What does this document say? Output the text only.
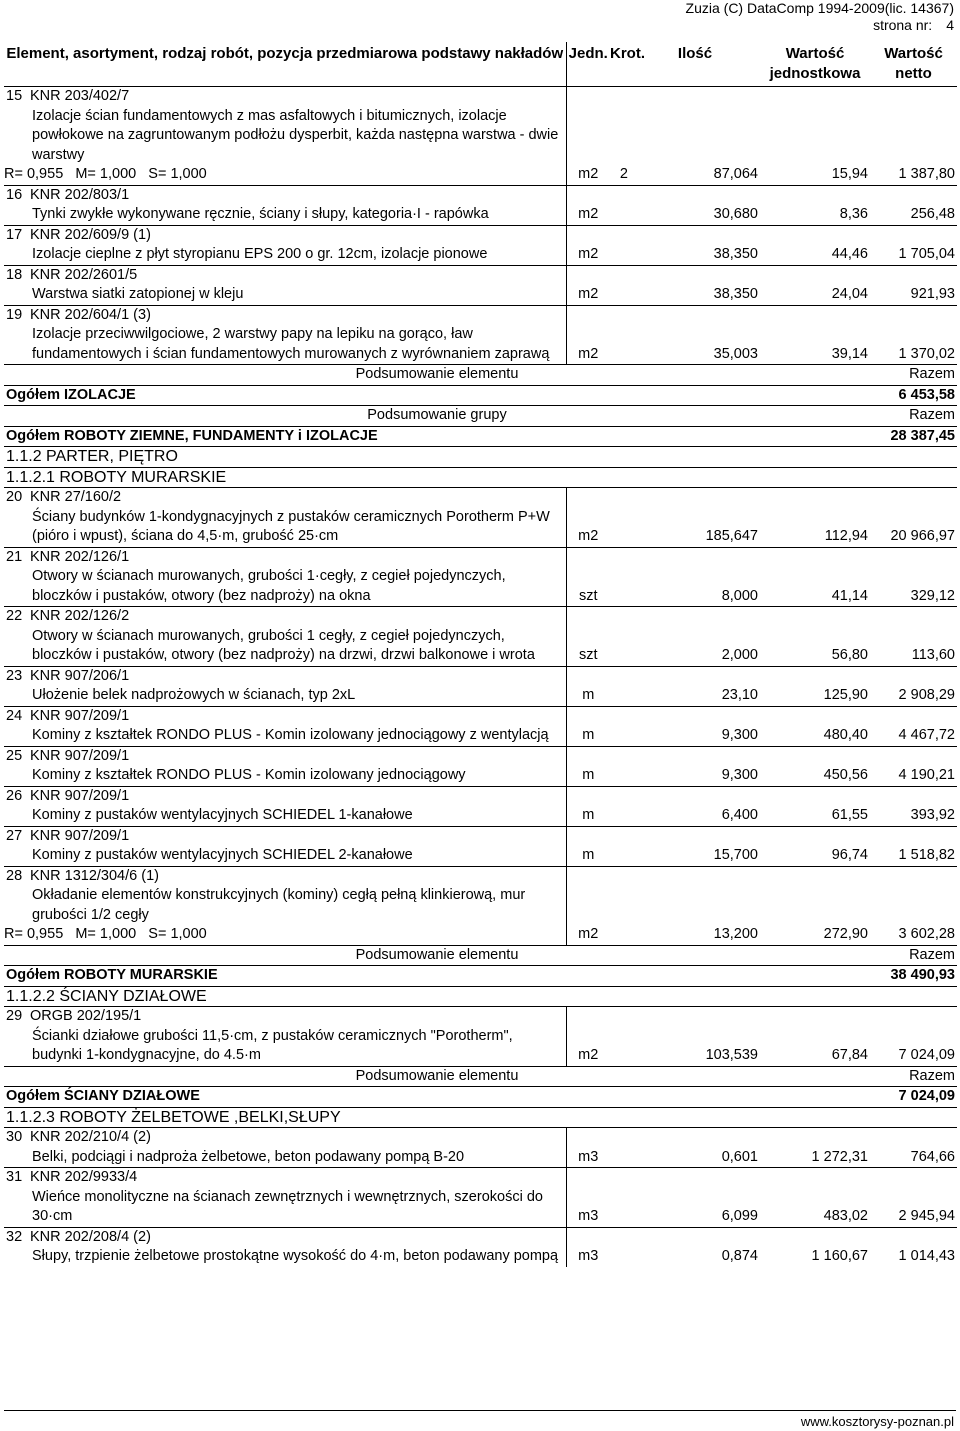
Zuzia (C) DataComp 1994-2009(lic. 14367)
strona nr: 4
Element, asortyment, rodzaj robót, pozycja przedmiarowa podstawy nakładów	Jedn.	Krot.	Ilość	Wartość jednostkowa	Wartość netto
15 KNR 203/402/7					

Izolacje ścian fundamentowych z mas asfaltowych i bitumicznych, izolacje powłokowe na zagruntowanym podłożu dysperbit, każda następna warstwa - dwie warstwy
R= 0,955   M= 1,000   S= 1,000	m2	2	87,064	15,94	1 387,80
16 KNR 202/803/1					

Tynki zwykłe wykonywane ręcznie, ściany i słupy, kategoria·I - rapówka	m2		30,680	8,36	256,48
17 KNR 202/609/9 (1)					

Izolacje cieplne z płyt styropianu EPS 200 o gr. 12cm, izolacje pionowe	m2		38,350	44,46	1 705,04
18 KNR 202/2601/5					

Warstwa siatki zatopionej w kleju	m2		38,350	24,04	921,93
19 KNR 202/604/1 (3)					

Izolacje przeciwwilgociowe, 2 warstwy papy na lepiku na gorąco, ław fundamentowych i ścian fundamentowych murowanych z wyrównaniem zaprawą	m2		35,003	39,14	1 370,02
Podsumowanie elementu					Razem
Ogółem IZOLACJE					6 453,58
Podsumowanie grupy					Razem
Ogółem ROBOTY ZIEMNE, FUNDAMENTY i IZOLACJE					28 387,45
1.1.2 PARTER, PIĘTRO					
1.1.2.1 ROBOTY MURARSKIE					
20 KNR 27/160/2					

Ściany budynków 1-kondygnacyjnych z pustaków ceramicznych Porotherm P+W (pióro i wpust), ściana do 4,5·m, grubość 25·cm	m2		185,647	112,94	20 966,97
21 KNR 202/126/1					

Otwory w ścianach murowanych, grubości 1·cegły, z cegieł pojedynczych, bloczków i pustaków, otwory (bez nadproży) na okna	szt		8,000	41,14	329,12
22 KNR 202/126/2					

Otwory w ścianach murowanych, grubości 1 cegły, z cegieł pojedynczych, bloczków i pustaków, otwory (bez nadproży) na drzwi, drzwi balkonowe i wrota	szt		2,000	56,80	113,60
23 KNR 907/206/1					

Ułożenie belek nadprożowych w ścianach, typ 2xL	m		23,10	125,90	2 908,29
24 KNR 907/209/1					

Kominy z kształtek RONDO PLUS - Komin izolowany jednociągowy z wentylacją	m		9,300	480,40	4 467,72
25 KNR 907/209/1					

Kominy z kształtek RONDO PLUS - Komin izolowany jednociągowy	m		9,300	450,56	4 190,21
26 KNR 907/209/1					

Kominy z pustaków wentylacyjnych SCHIEDEL 1-kanałowe	m		6,400	61,55	393,92
27 KNR 907/209/1					

Kominy z pustaków wentylacyjnych SCHIEDEL 2-kanałowe	m		15,700	96,74	1 518,82
28 KNR 1312/304/6 (1)					

Okładanie elementów konstrukcyjnych (kominy) cegłą pełną klinkierową, mur grubości 1/2 cegły
R= 0,955   M= 1,000   S= 1,000	m2		13,200	272,90	3 602,28
Podsumowanie elementu					Razem
Ogółem ROBOTY MURARSKIE					38 490,93
1.1.2.2 ŚCIANY DZIAŁOWE					
29 ORGB 202/195/1					

Ścianki działowe grubości 11,5·cm, z pustaków ceramicznych "Porotherm", budynki 1-kondygnacyjne, do 4.5·m	m2		103,539	67,84	7 024,09
Podsumowanie elementu					Razem
Ogółem ŚCIANY DZIAŁOWE					7 024,09
1.1.2.3 ROBOTY ŻELBETOWE ,BELKI,SŁUPY					
30 KNR 202/210/4 (2)					

Belki, podciągi i nadproża żelbetowe, beton podawany pompą B-20	m3		0,601	1 272,31	764,66
31 KNR 202/9933/4					

Wieńce monolityczne na ścianach zewnętrznych i wewnętrznych, szerokości do 30·cm	m3		6,099	483,02	2 945,94
32 KNR 202/208/4 (2)					

Słupy, trzpienie żelbetowe prostokątne wysokość do 4·m, beton podawany pompą	m3		0,874	1 160,67	1 014,43
www.kosztorysy-poznan.pl
